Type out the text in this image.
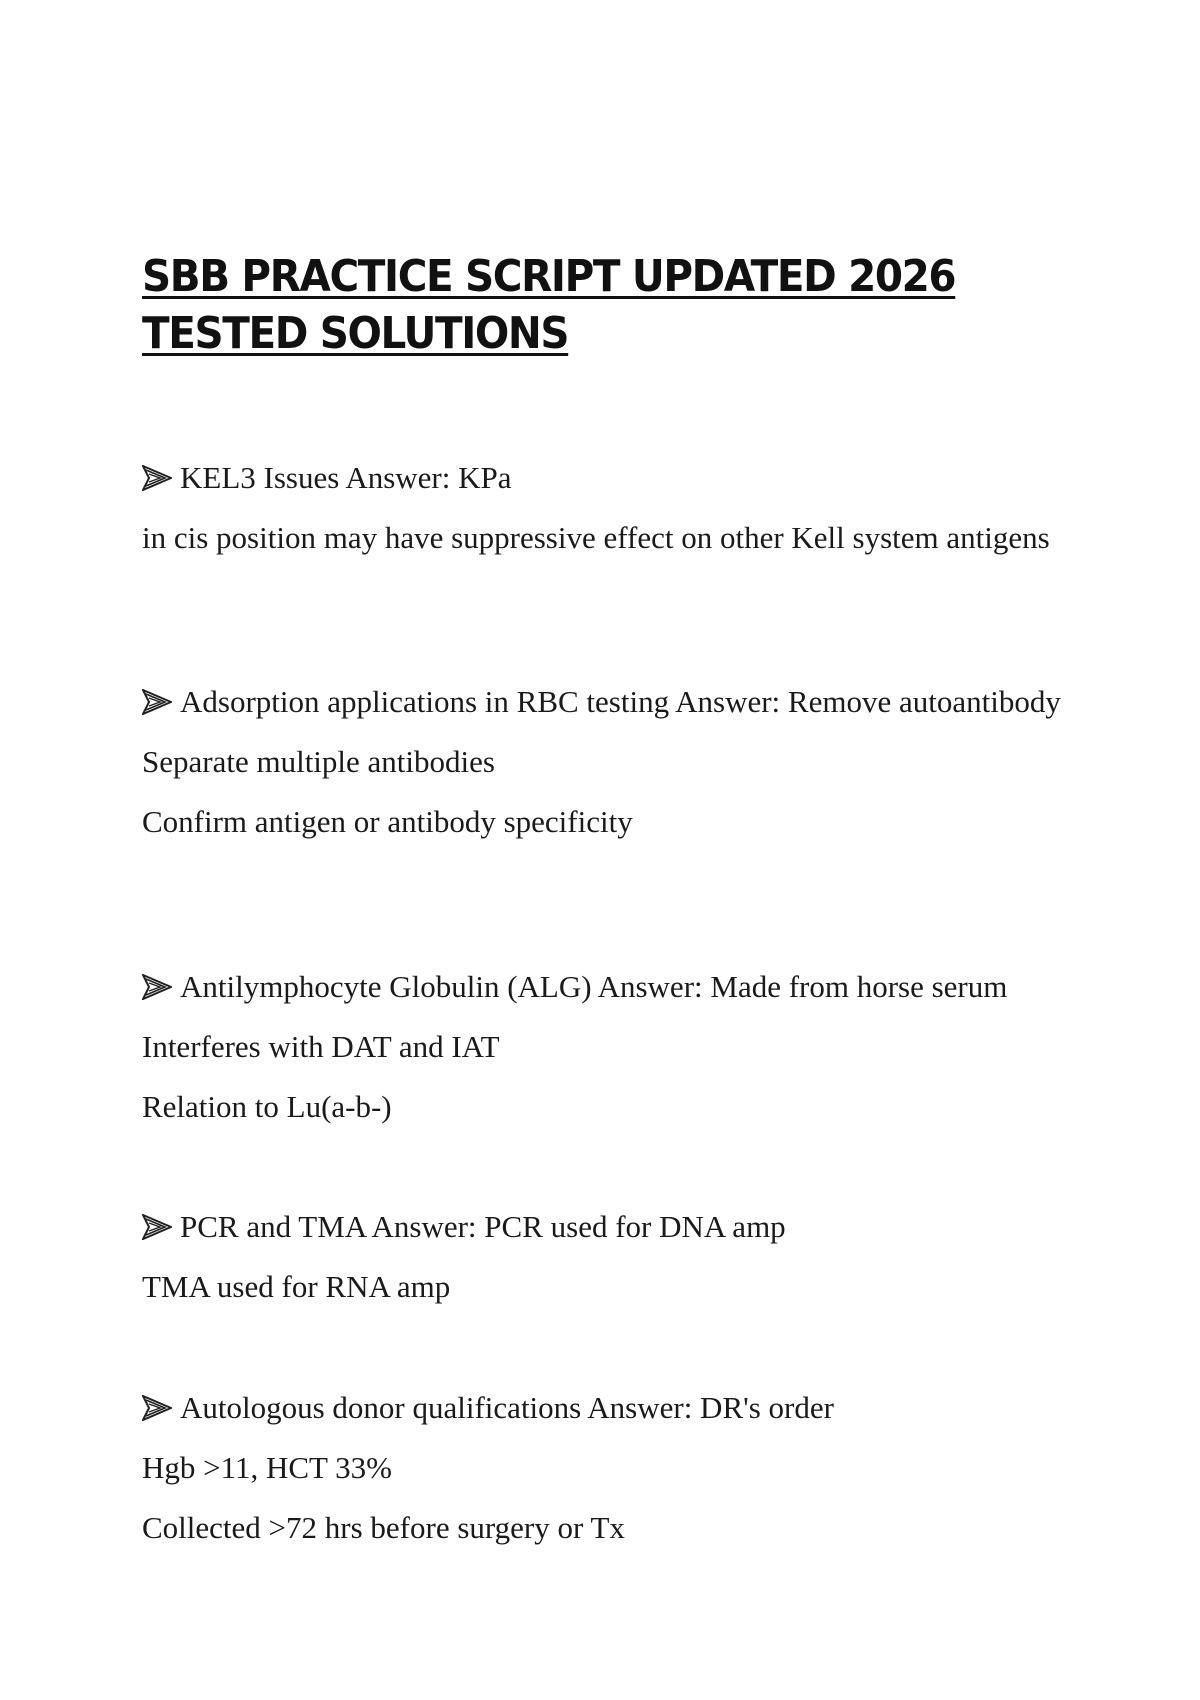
SBB PRACTICE SCRIPT UPDATED 2026 TESTED SOLUTIONS

KEL3 Issues Answer: KPa

in cis position may have suppressive effect on other Kell system antigens

Adsorption applications in RBC testing Answer: Remove autoantibody

Separate multiple antibodies

Confirm antigen or antibody specificity

Antilymphocyte Globulin (ALG) Answer: Made from horse serum

Interferes with DAT and IAT

Relation to Lu(a-b-)

PCR and TMA Answer: PCR used for DNA amp

TMA used for RNA amp

Autologous donor qualifications Answer: DR's order

Hgb >11, HCT 33%

Collected >72 hrs before surgery or Tx
